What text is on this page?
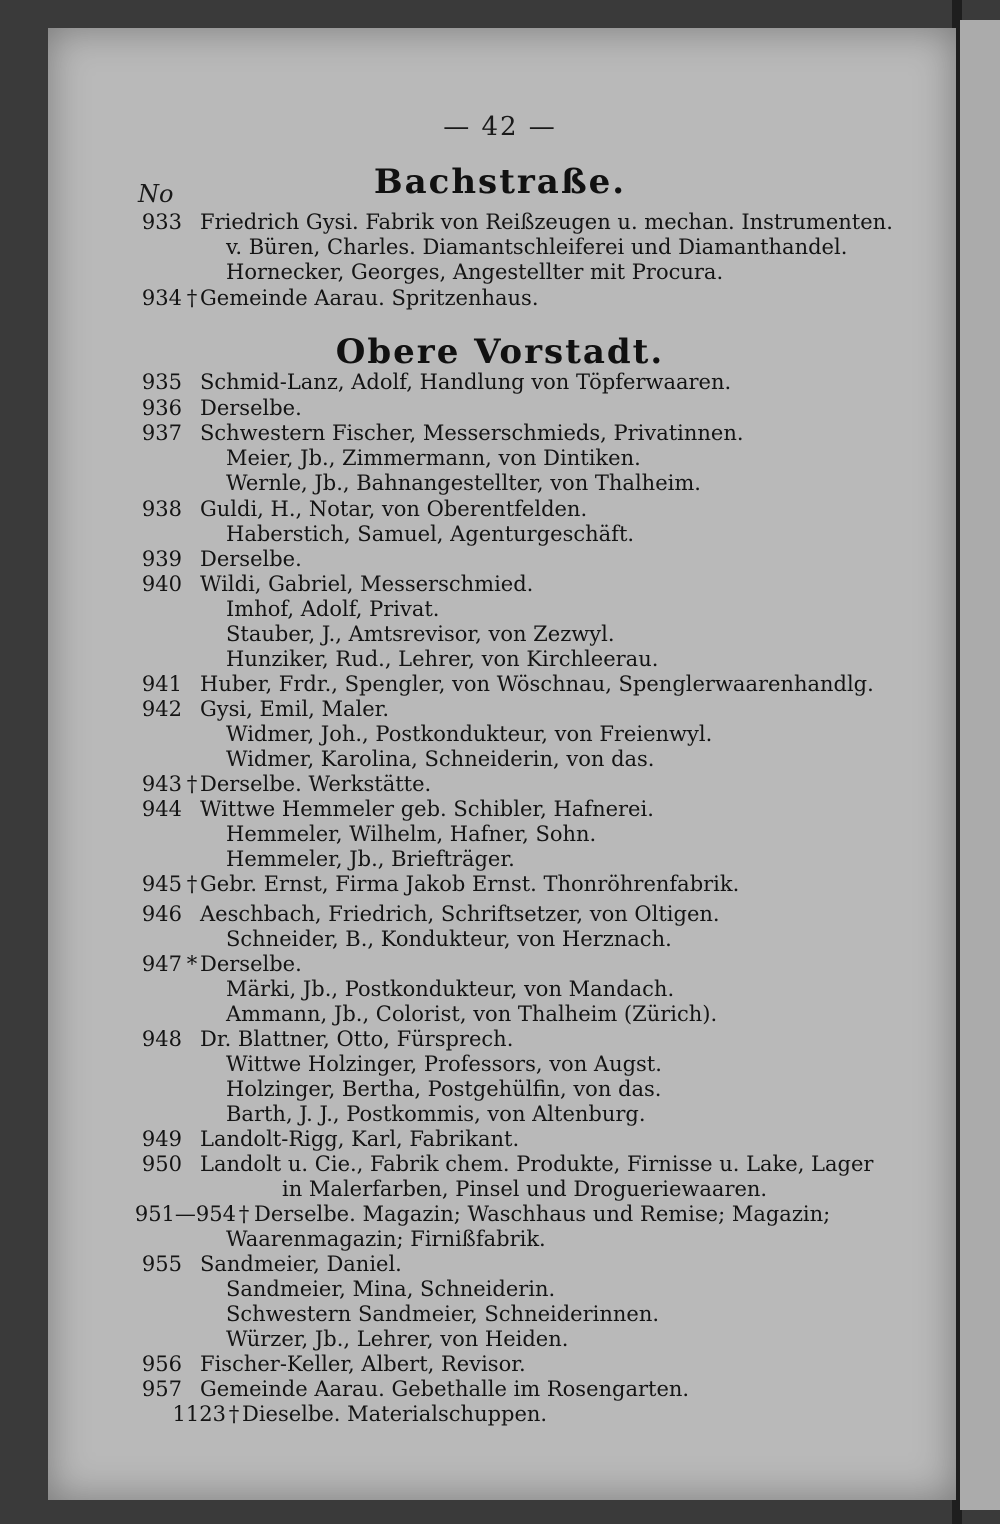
— 42 —
No	Bachstraße.
Obere Vorstadt.
933 Friedrich Gysi. Fabrik von Reißzeugen u. mechan. Instrumenten.
v. Büren, Charles. Diamantschleiferei und Diamanthandel.
Hornecker, Georges, Angestellter mit Procura.
934 † Gemeinde Aarau. Spritzenhaus.
935 Schmid-Lanz, Adolf, Handlung von Töpferwaaren.
936 Derselbe.
937 Schwestern Fischer, Messerschmieds, Privatinnen.
Meier, Jb., Zimmermann, von Dintiken.
Wernle, Jb., Bahnangestellter, von Thalheim.
938 Guldi, H., Notar, von Oberentfelden.
Haberstich, Samuel, Agenturgeschäft.
939 Derselbe.
940 Wildi, Gabriel, Messerschmied.
Imhof, Adolf, Privat.
Stauber, J., Amtsrevisor, von Zezwyl.
Hunziker, Rud., Lehrer, von Kirchleerau.
941 Huber, Frdr., Spengler, von Wöschnau, Spenglerwaarenhandlg.
942 Gysi, Emil, Maler.
Widmer, Joh., Postkondukteur, von Freienwyl.
Widmer, Karolina, Schneiderin, von das.
943 † Derselbe. Werkstätte.
944 Wittwe Hemmeler geb. Schibler, Hafnerei.
Hemmeler, Wilhelm, Hafner, Sohn.
Hemmeler, Jb., Briefträger.
945 † Gebr. Ernst, Firma Jakob Ernst. Thonröhrenfabrik.
946 Aeschbach, Friedrich, Schriftsetzer, von Oltigen.
Schneider, B., Kondukteur, von Herznach.
947 * Derselbe.
Märki, Jb., Postkondukteur, von Mandach.
Ammann, Jb., Colorist, von Thalheim (Zürich).
948 Dr. Blattner, Otto, Fürsprech.
Wittwe Holzinger, Professors, von Augst.
Holzinger, Bertha, Postgehülfin, von das.
Barth, J. J., Postkommis, von Altenburg.
949 Landolt-Rigg, Karl, Fabrikant.
950 Landolt u. Cie., Fabrik chem. Produkte, Firnisse u. Lake, Lager
in Malerfarben, Pinsel und Drogueriewaaren.
951—954 † Derselbe. Magazin; Waschhaus und Remise; Magazin;
Waarenmagazin; Firnißfabrik.
955 Sandmeier, Daniel.
Sandmeier, Mina, Schneiderin.
Schwestern Sandmeier, Schneiderinnen.
Würzer, Jb., Lehrer, von Heiden.
956 Fischer-Keller, Albert, Revisor.
957 Gemeinde Aarau. Gebethalle im Rosengarten.
1123 † Dieselbe. Materialschuppen.
